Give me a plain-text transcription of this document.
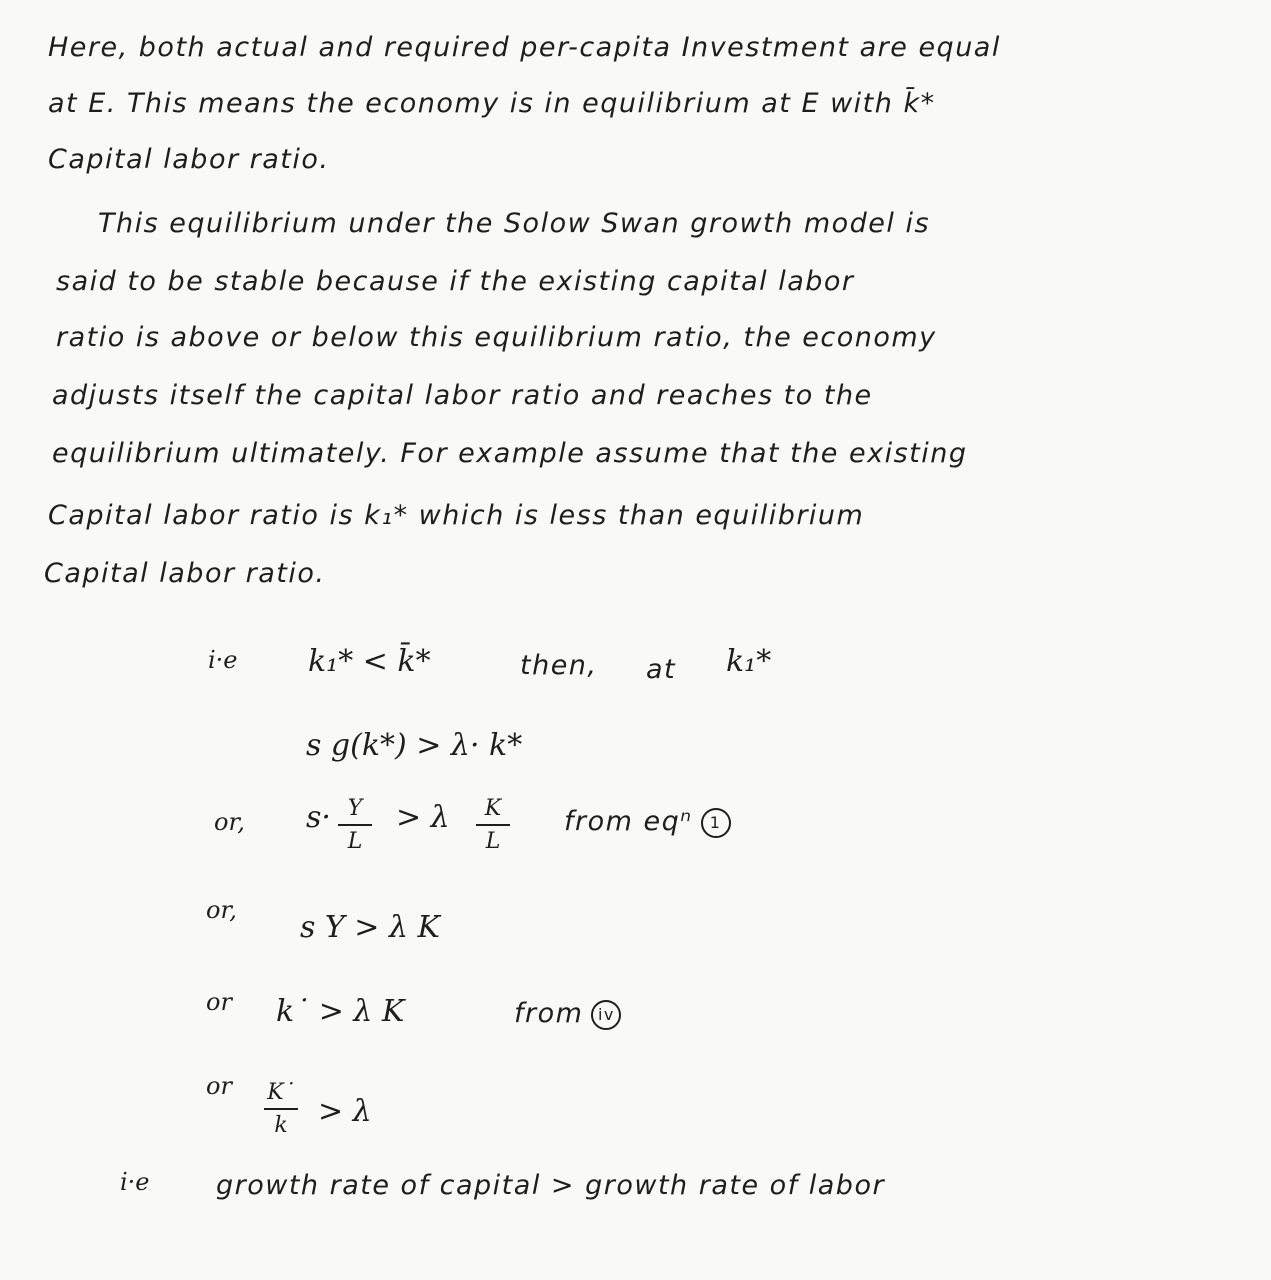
Here, both actual and required per-capita Investment are equal
at E. This means the economy is in equilibrium at E with k̄*
Capital labor ratio.
This equilibrium under the Solow Swan growth model is
said to be stable because if the existing capital labor
ratio is above or below this equilibrium ratio, the economy
adjusts itself the capital labor ratio and reaches to the
equilibrium ultimately. For example assume that the existing
Capital labor ratio is k₁* which is less than equilibrium
Capital labor ratio.
i·e k₁* < k̄*	then, at k₁*
s g(k*) > λ· k*
or, s· Y
L
> λ K
L
from eqⁿ 1
or, s Y > λ K
or k˙ > λ K	from iv
or K˙
k > λ
i·e growth rate of capital > growth rate of labor
